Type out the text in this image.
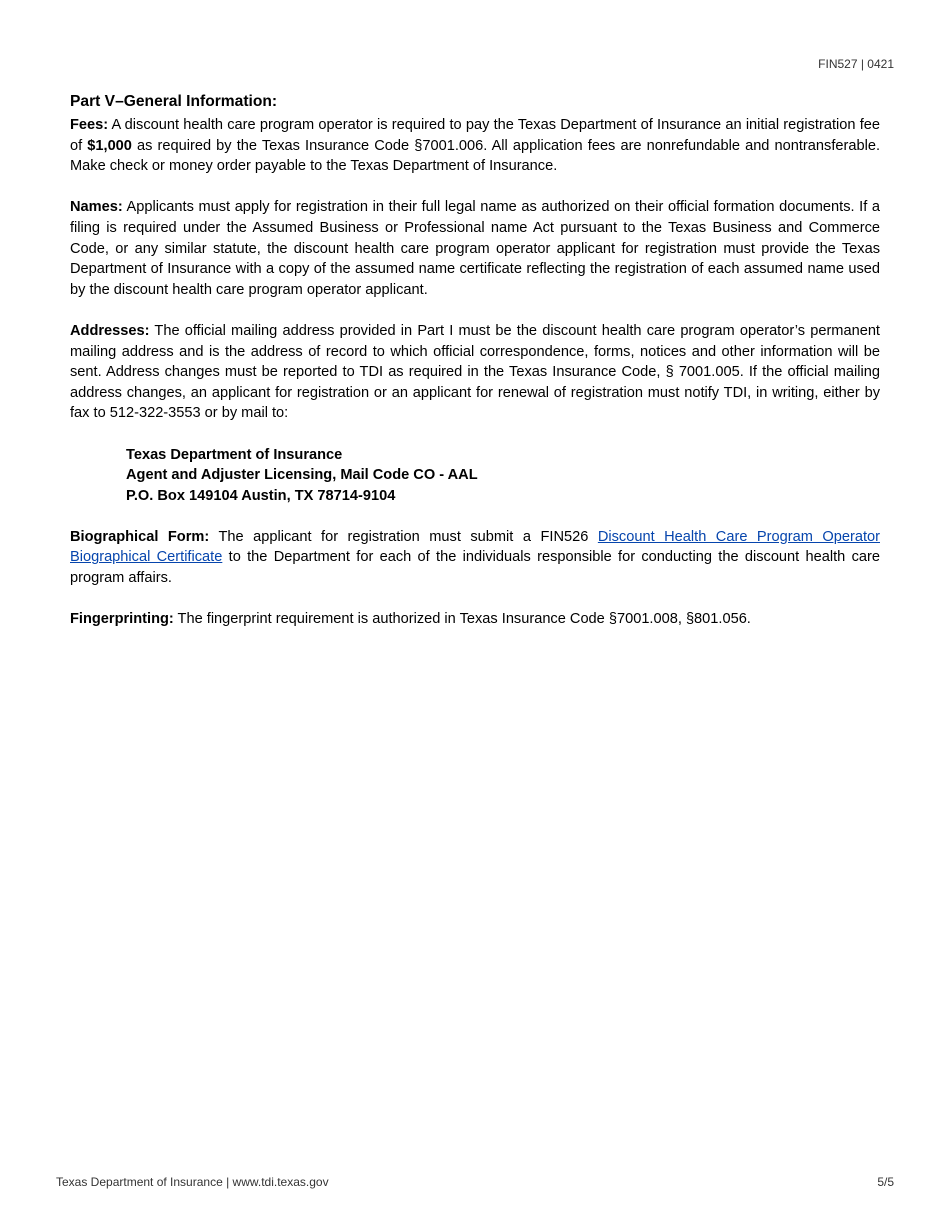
FIN527 | 0421
Part V–General Information:

Fees: A discount health care program operator is required to pay the Texas Department of Insurance an initial registration fee of $1,000 as required by the Texas Insurance Code §7001.006. All application fees are nonrefundable and nontransferable. Make check or money order payable to the Texas Department of Insurance.

Names: Applicants must apply for registration in their full legal name as authorized on their official formation documents. If a filing is required under the Assumed Business or Professional name Act pursuant to the Texas Business and Commerce Code, or any similar statute, the discount health care program operator applicant for registration must provide the Texas Department of Insurance with a copy of the assumed name certificate reflecting the registration of each assumed name used by the discount health care program operator applicant.

Addresses: The official mailing address provided in Part I must be the discount health care program operator’s permanent mailing address and is the address of record to which official correspondence, forms, notices and other information will be sent. Address changes must be reported to TDI as required in the Texas Insurance Code, § 7001.005. If the official mailing address changes, an applicant for registration or an applicant for renewal of registration must notify TDI, in writing, either by fax to 512-322-3553 or by mail to:

Texas Department of Insurance
Agent and Adjuster Licensing, Mail Code CO - AAL
P.O. Box 149104 Austin, TX 78714-9104

Biographical Form: The applicant for registration must submit a FIN526 Discount Health Care Program Operator Biographical Certificate to the Department for each of the individuals responsible for conducting the discount health care program affairs.

Fingerprinting: The fingerprint requirement is authorized in Texas Insurance Code §7001.008, §801.056.

Texas Department of Insurance | www.tdi.texas.gov	5/5
